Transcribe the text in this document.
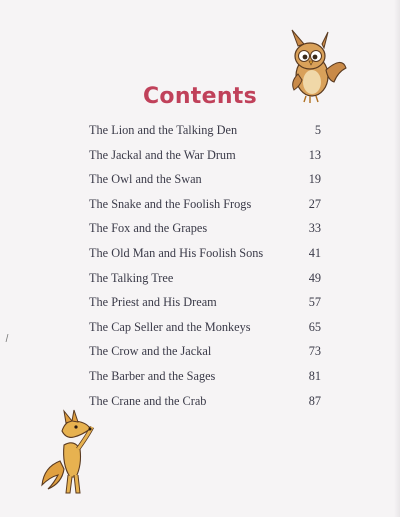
Contents
The Lion and the Talking Den	5
The Jackal and the War Drum	13
The Owl and the Swan	19
The Snake and the Foolish Frogs	27
The Fox and the Grapes	33
The Old Man and His Foolish Sons	41
The Talking Tree	49
The Priest and His Dream	57
The Cap Seller and the Monkeys	65
The Crow and the Jackal	73
The Barber and the Sages	81
The Crane and the Crab	87
